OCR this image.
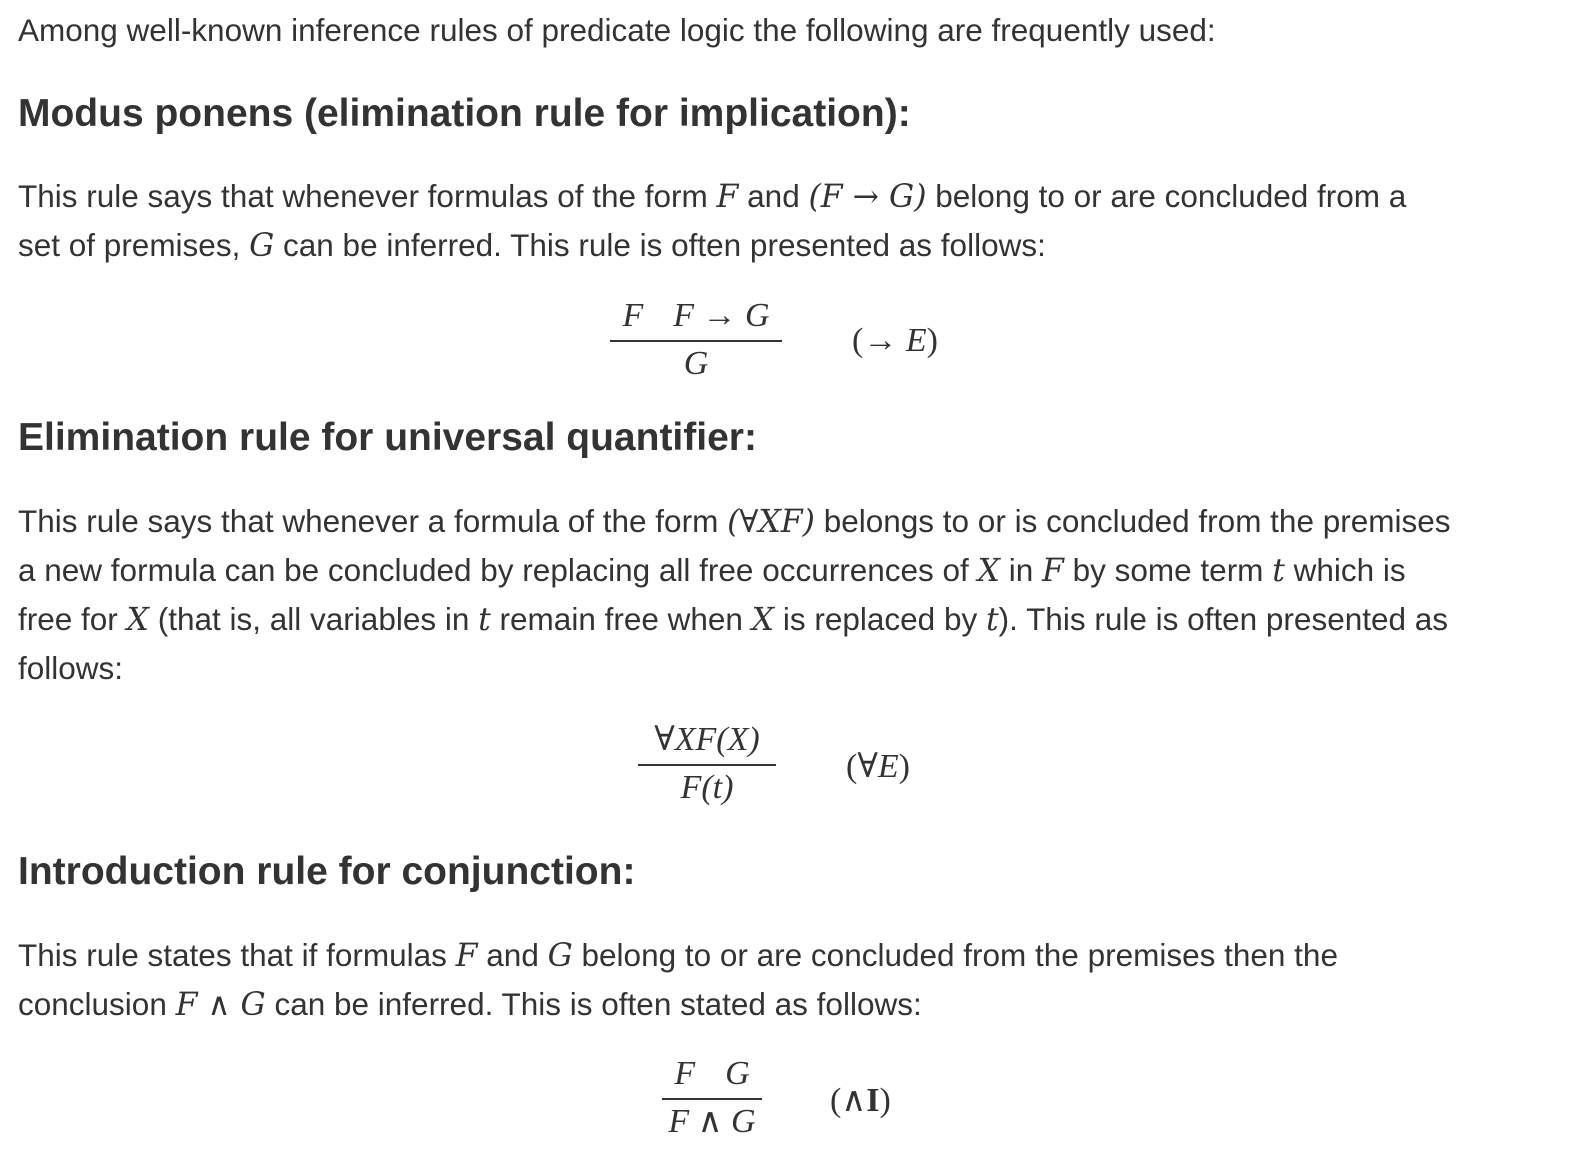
Among well-known inference rules of predicate logic the following are frequently used:

Modus ponens (elimination rule for implication):

This rule says that whenever formulas of the form F and (F → G) belong to or are concluded from a

set of premises, G can be inferred. This rule is often presented as follows:

F F → G
G
(→ E)
Elimination rule for universal quantifier:

This rule says that whenever a formula of the form (∀XF) belongs to or is concluded from the premises

a new formula can be concluded by replacing all free occurrences of X in F by some term t which is

free for X (that is, all variables in t remain free when X is replaced by t). This rule is often presented as

follows:

∀XF(X)
F(t)
(∀E)
Introduction rule for conjunction:

This rule states that if formulas F and G belong to or are concluded from the premises then the

conclusion F ∧ G can be inferred. This is often stated as follows:

F G
F ∧ G
(∧I)
